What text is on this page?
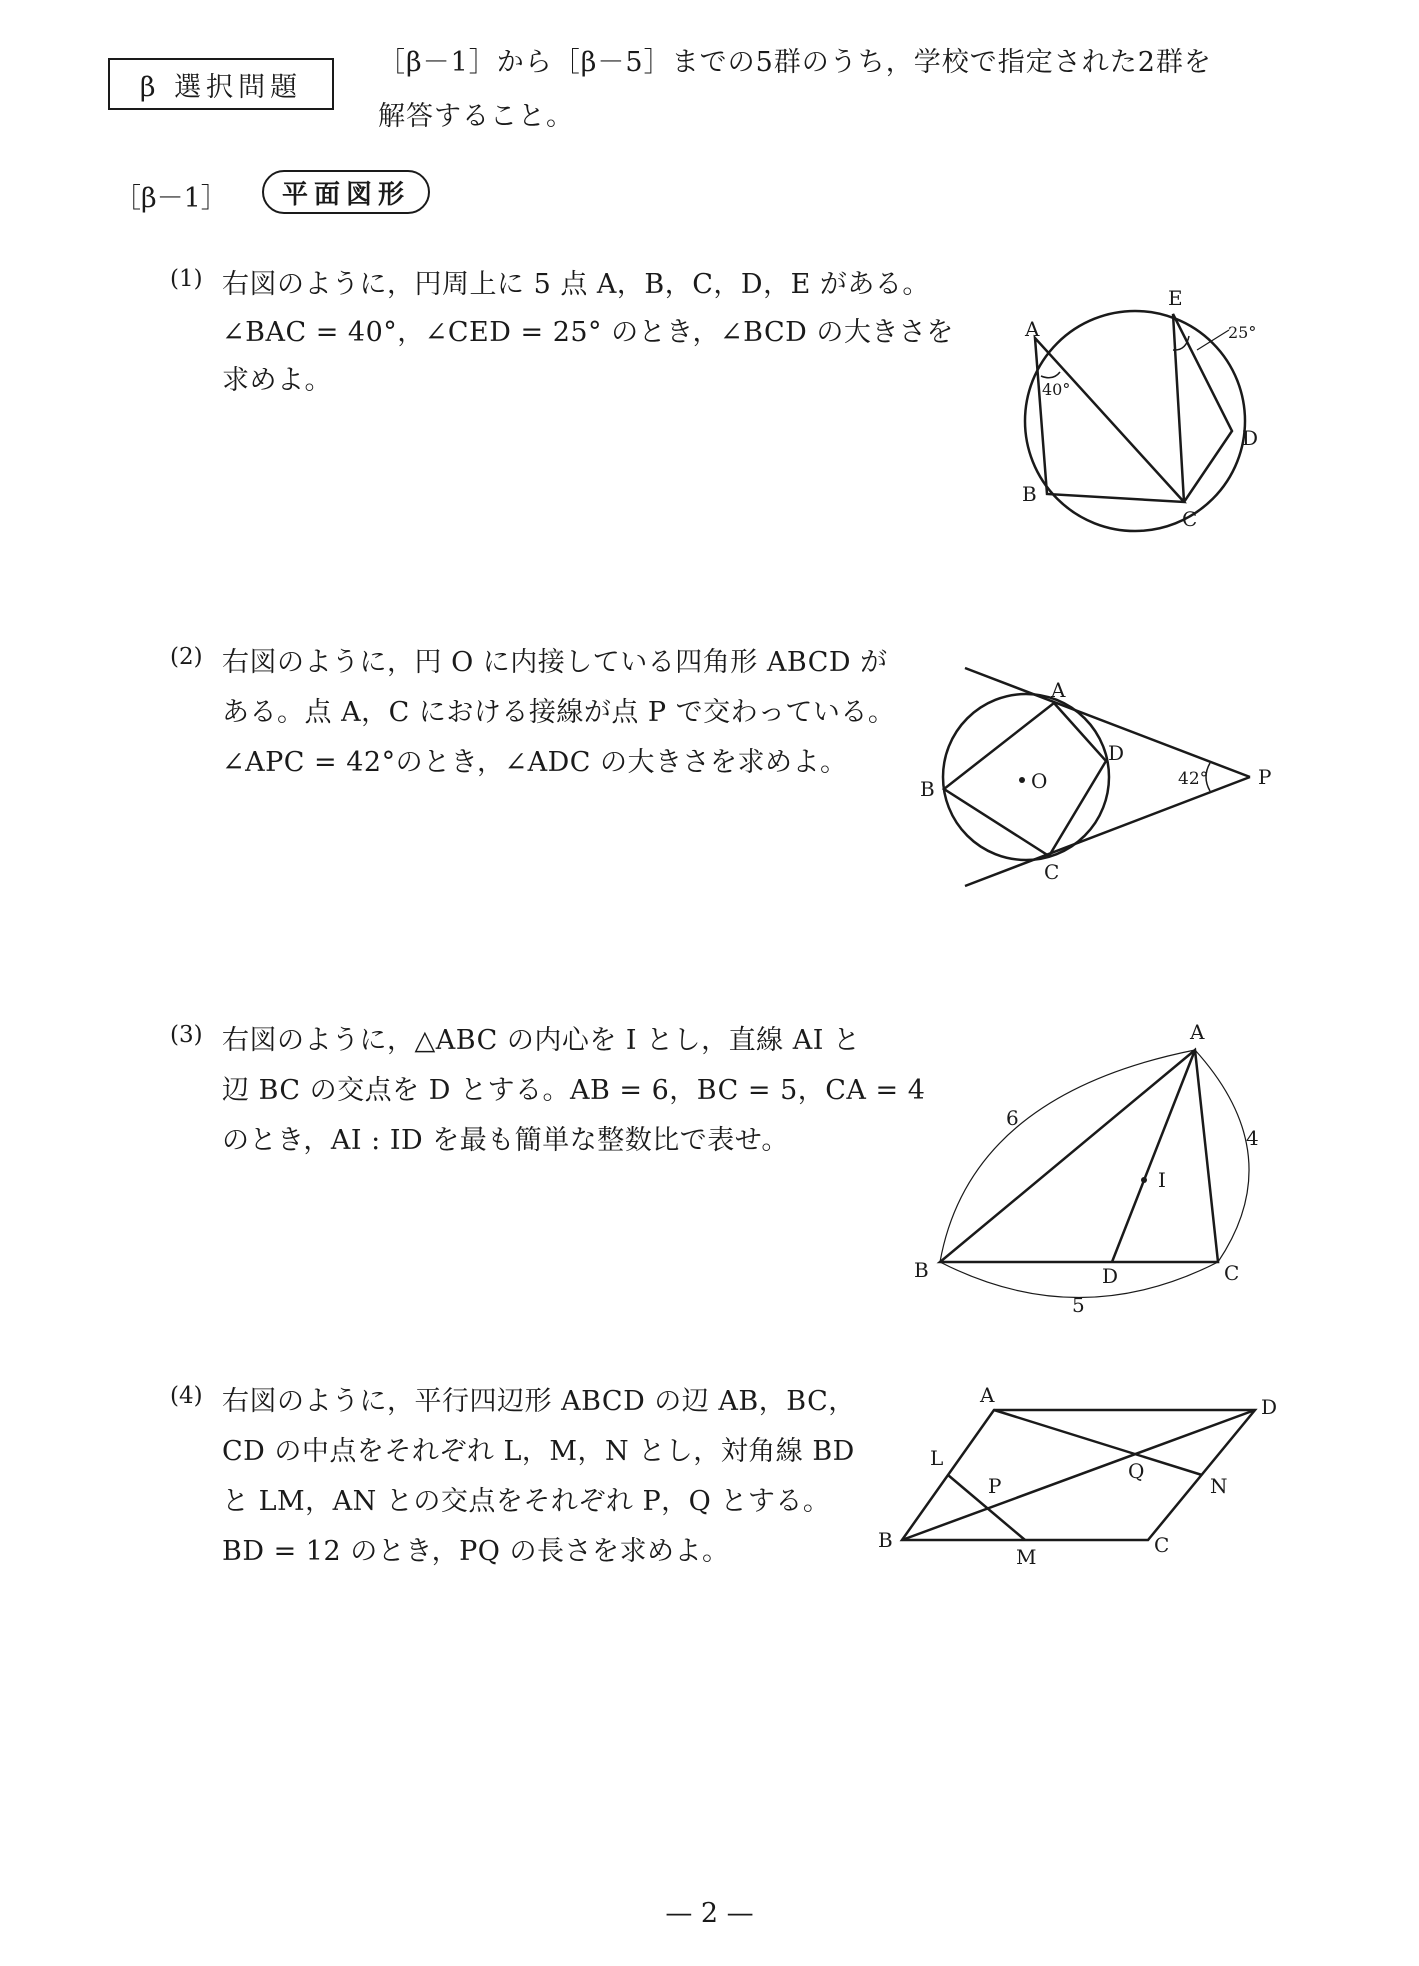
β 選択問題
［β－1］から［β－5］までの5群のうち，学校で指定された2群を
解答すること。
［β－1］	平面図形
(1) 右図のように，円周上に 5 点 A，B，C，D，E がある。
∠BAC = 40°，∠CED = 25° のとき，∠BCD の大きさを
求めよ。
A
B
C
D
E
40°
25°
(2) 右図のように，円 O に内接している四角形 ABCD が
ある。点 A，C における接線が点 P で交わっている。
∠APC = 42°のとき，∠ADC の大きさを求めよ。
O
A
B
C
D
P
42°
(3) 右図のように，△ABC の内心を I とし，直線 AI と
辺 BC の交点を D とする。AB = 6，BC = 5，CA = 4
のとき，AI : ID を最も簡単な整数比で表せ。
I
A
B	C
D
6
4
5
(4) 右図のように，平行四辺形 ABCD の辺 AB，BC，
CD の中点をそれぞれ L，M，N とし，対角線 BD
と LM，AN との交点をそれぞれ P，Q とする。
BD = 12 のとき，PQ の長さを求めよ。
A	D
L
P
Q
N
B
M	C
— 2 —
